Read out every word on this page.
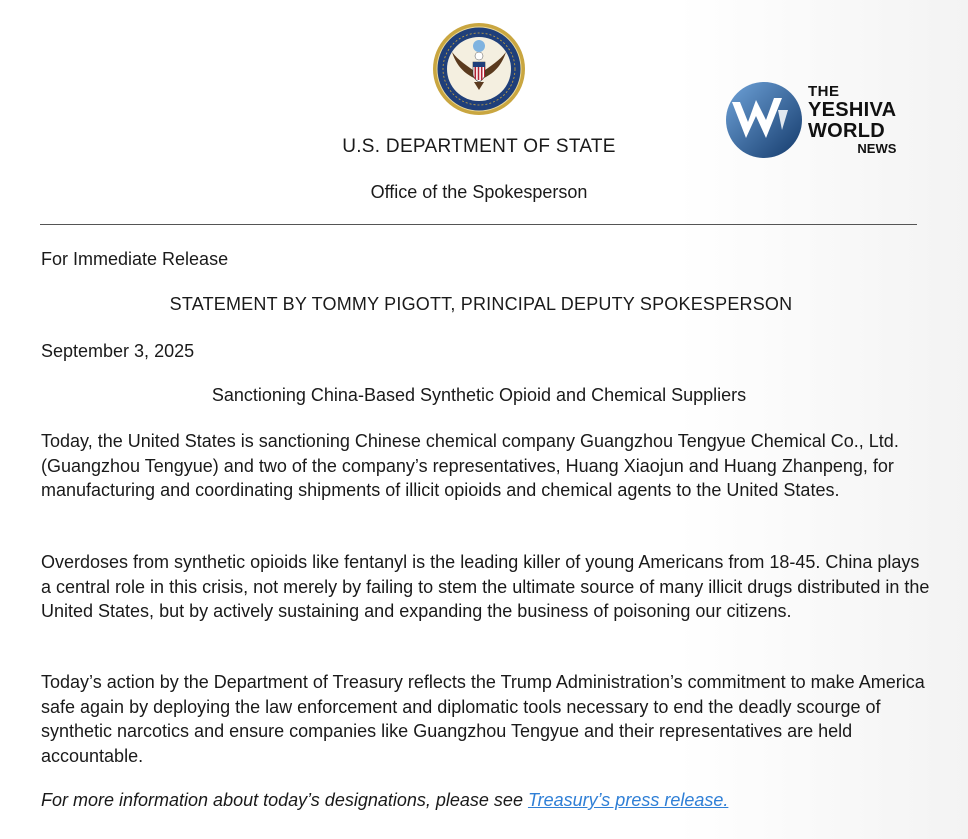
THE
YESHIVA
WORLD
NEWS
U.S. DEPARTMENT OF STATE
Office of the Spokesperson
For Immediate Release
STATEMENT BY TOMMY PIGOTT, PRINCIPAL DEPUTY SPOKESPERSON
September 3, 2025
Sanctioning China-Based Synthetic Opioid and Chemical Suppliers

Today, the United States is sanctioning Chinese chemical company Guangzhou Tengyue Chemical Co., Ltd. (Guangzhou Tengyue) and two of the company’s representatives, Huang Xiaojun and Huang Zhanpeng, for manufacturing and coordinating shipments of illicit opioids and chemical agents to the United States.

Overdoses from synthetic opioids like fentanyl is the leading killer of young Americans from 18-45. China plays a central role in this crisis, not merely by failing to stem the ultimate source of many illicit drugs distributed in the United States, but by actively sustaining and expanding the business of poisoning our citizens.

Today’s action by the Department of Treasury reflects the Trump Administration’s commitment to make America safe again by deploying the law enforcement and diplomatic tools necessary to end the deadly scourge of synthetic narcotics and ensure companies like Guangzhou Tengyue and their representatives are held accountable.

For more information about today’s designations, please see Treasury’s press release.
